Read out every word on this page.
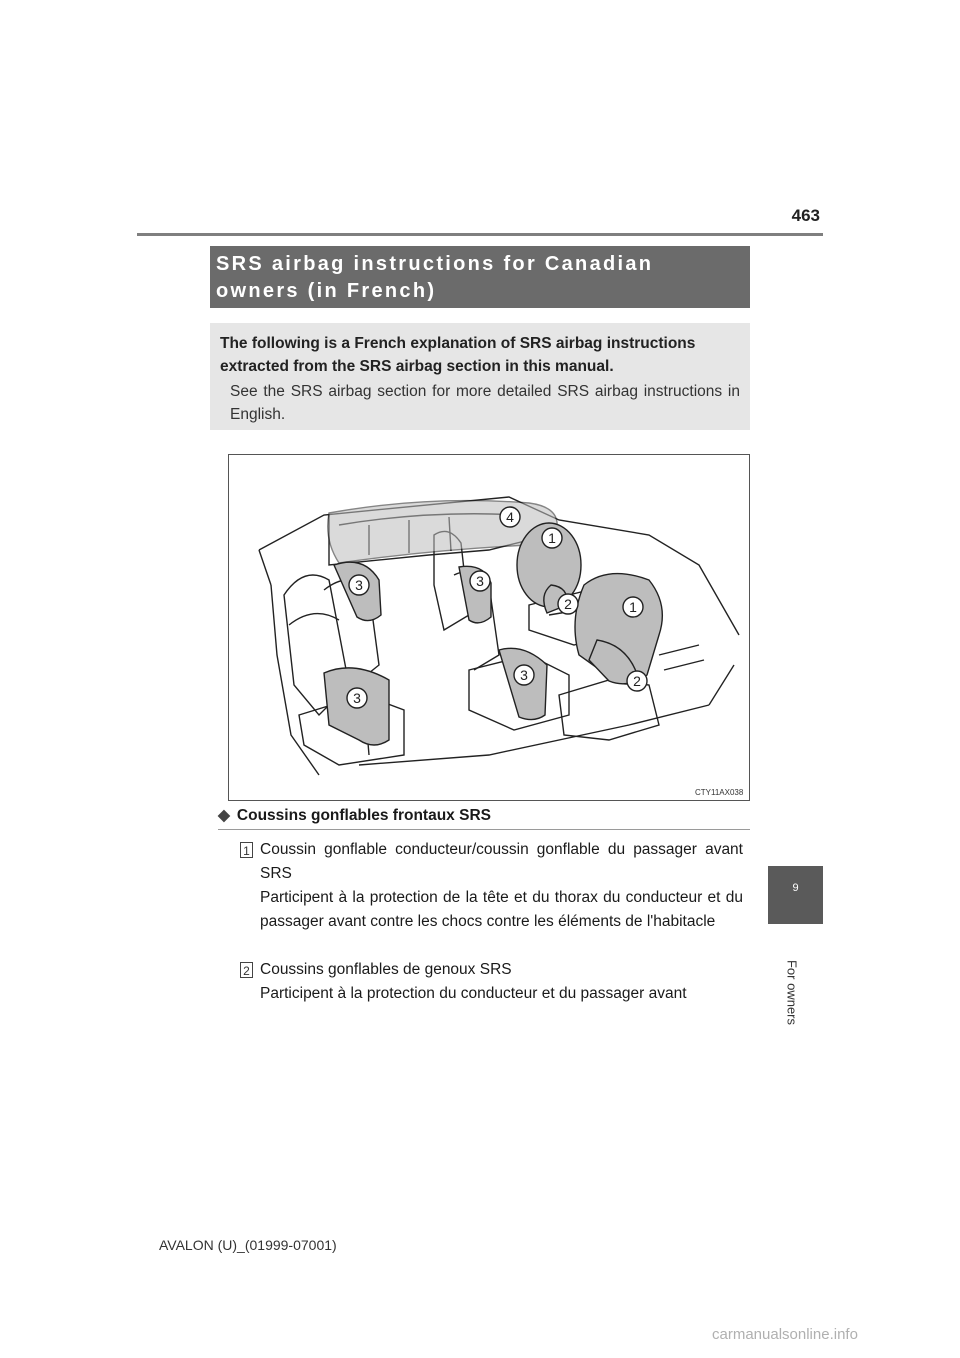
463
9
For owners
SRS airbag instructions for Canadian
owners (in French)
The following is a French explanation of SRS airbag instructions extracted from the SRS airbag section in this manual.
See the SRS airbag section for more detailed SRS airbag instructions in English.
4
1
3	3
2	1
3	2
3
CTY11AX038
◆ Coussins gonflables frontaux SRS
1 Coussin gonflable conducteur/coussin gonflable du passager avant SRS
Participent à la protection de la tête et du thorax du conducteur et du passager avant contre les chocs contre les éléments de l'habitacle
2 Coussins gonflables de genoux SRS
Participent à la protection du conducteur et du passager avant
AVALON (U)_(01999-07001)
carmanualsonline.info
